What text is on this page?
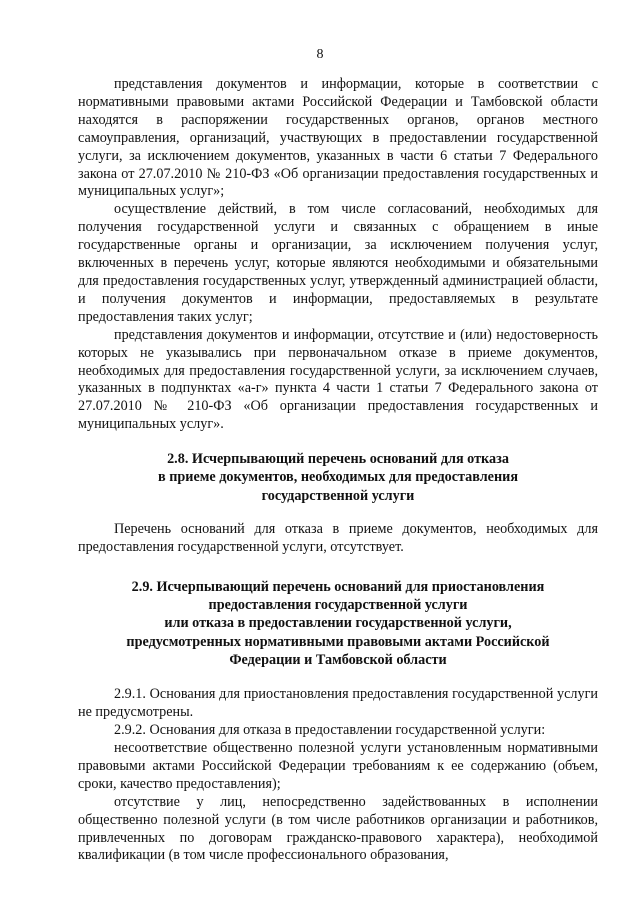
8

представления документов и информации, которые в соответствии с нормативными правовыми актами Российской Федерации и Тамбовской области находятся в распоряжении государственных органов, органов местного самоуправления, организаций, участвующих в предоставлении государственной услуги, за исключением документов, указанных в части 6 статьи 7 Федерального закона от 27.07.2010 № 210-ФЗ «Об организации предоставления государственных и муниципальных услуг»;

осуществление действий, в том числе согласований, необходимых для получения государственной услуги и связанных с обращением в иные государственные органы и организации, за исключением получения услуг, включенных в перечень услуг, которые являются необходимыми и обязательными для предоставления государственных услуг, утвержденный администрацией области, и получения документов и информации, предоставляемых в результате предоставления таких услуг;

представления документов и информации, отсутствие и (или) недостоверность которых не указывались при первоначальном отказе в приеме документов, необходимых для предоставления государственной услуги, за исключением случаев, указанных в подпунктах «а-г» пункта 4 части 1 статьи 7 Федерального закона от 27.07.2010 № 210-ФЗ «Об организации предоставления государственных и муниципальных услуг».

2.8. Исчерпывающий перечень оснований для отказа
в приеме документов, необходимых для предоставления
государственной услуги

Перечень оснований для отказа в приеме документов, необходимых для предоставления государственной услуги, отсутствует.

2.9. Исчерпывающий перечень оснований для приостановления
предоставления государственной услуги
или отказа в предоставлении государственной услуги,
предусмотренных нормативными правовыми актами Российской
Федерации и Тамбовской области

2.9.1. Основания для приостановления предоставления государственной услуги не предусмотрены.

2.9.2. Основания для отказа в предоставлении государственной услуги:

несоответствие общественно полезной услуги установленным нормативными правовыми актами Российской Федерации требованиям к ее содержанию (объем, сроки, качество предоставления);

отсутствие у лиц, непосредственно задействованных в исполнении общественно полезной услуги (в том числе работников организации и работников, привлеченных по договорам гражданско-правового характера), необходимой квалификации (в том числе профессионального образования,
